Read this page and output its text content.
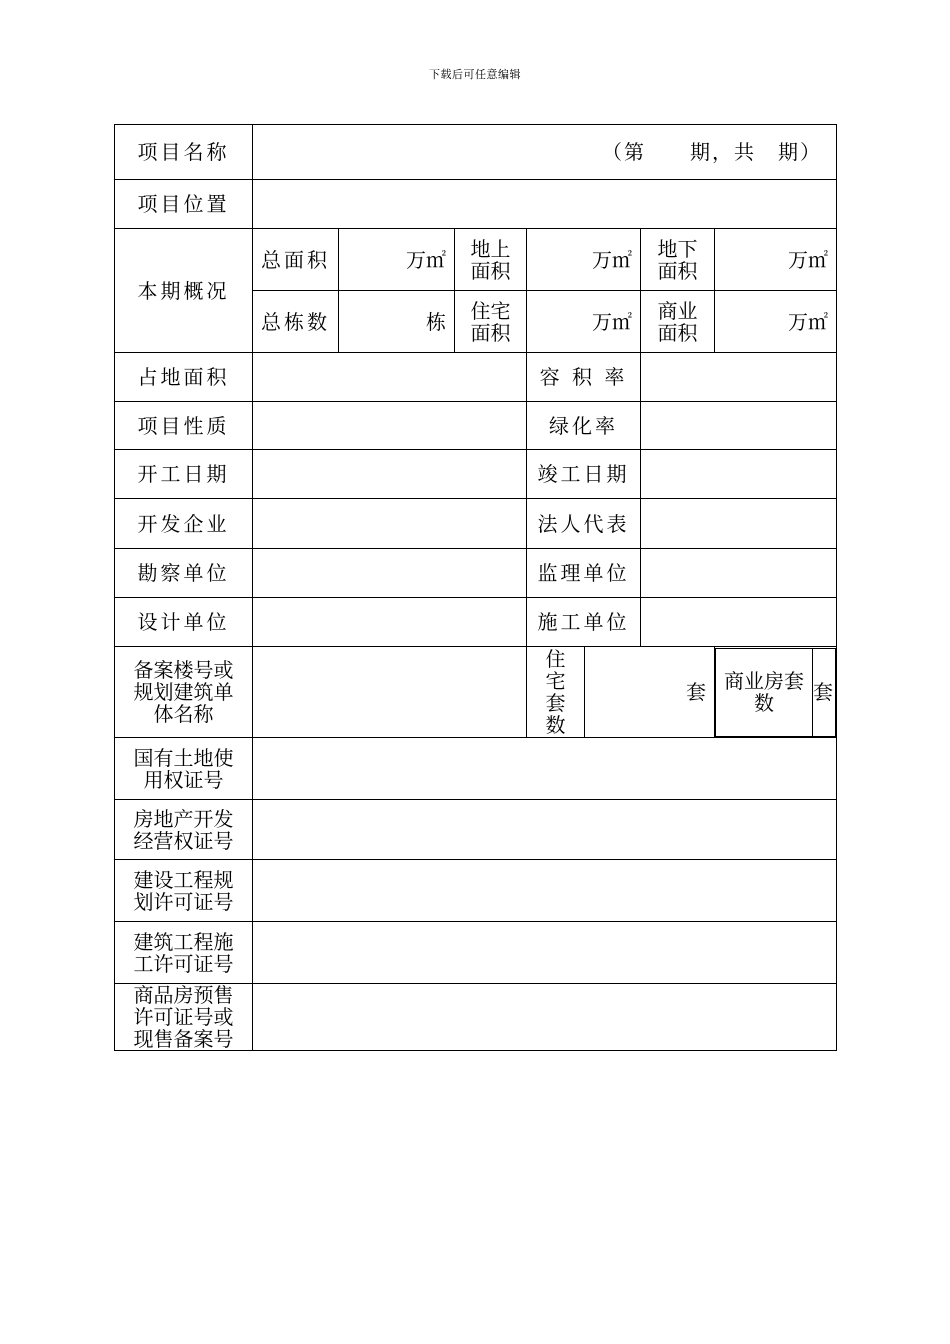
下载后可任意编辑
项目名称	（第　　期，共　期）
项目位置	
本期概况	总面积	万㎡	地上面积	万㎡	地下面积	万㎡
总栋数	栋	住宅面积	万㎡	商业面积	万㎡
占地面积		容 积 率	
项目性质		绿化率	
开工日期		竣工日期	
开发企业		法人代表	
勘察单位		监理单位	
设计单位		施工单位	
备案楼号或规划建筑单体名称		住宅套数	套	商业房套数	套

国有土地使用权证号	
房地产开发经营权证号	
建设工程规划许可证号	
建筑工程施工许可证号	
商品房预售许可证号或现售备案号	
